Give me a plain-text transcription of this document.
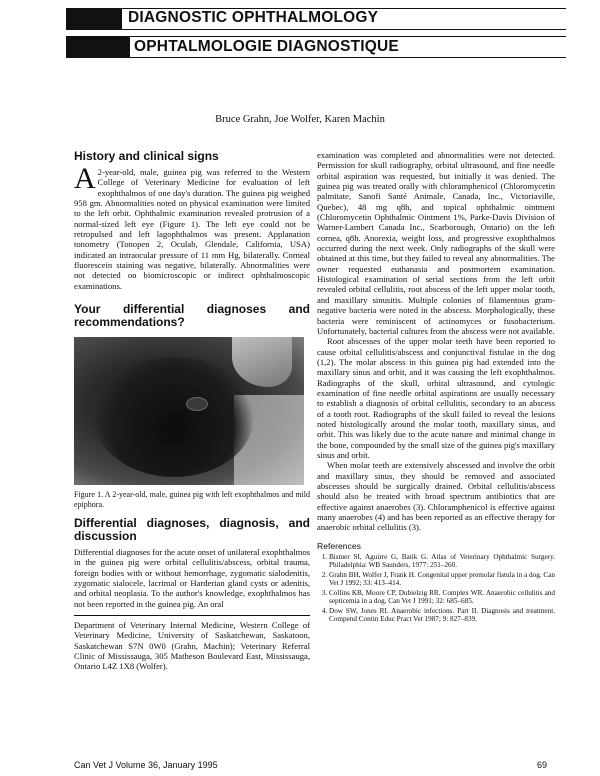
DIAGNOSTIC OPHTHALMOLOGY
OPHTALMOLOGIE DIAGNOSTIQUE
Bruce Grahn, Joe Wolfer, Karen Machin
History and clinical signs

A 2-year-old, male, guinea pig was referred to the Western College of Veterinary Medicine for evaluation of left exophthalmos of one day's duration. The guinea pig weighed 958 gm. Abnormalities noted on physical examination were limited to the left orbit. Ophthalmic examination revealed protrusion of a normal-sized left eye (Figure 1). The left eye could not be retropulsed and left lagophthalmos was present. Applanation tonometry (Tonopen 2, Oculab, Glendale, California, USA) indicated an intraocular pressure of 11 mm Hg, bilaterally. Corneal fluorescein staining was negative, bilaterally. Abnormalities were not detected on biomicroscopic or indirect ophthalmoscopic examinations.

Your differential diagnoses and recommendations?
Figure 1. A 2-year-old, male, guinea pig with left exophthalmos and mild epiphora.
Differential diagnoses, diagnosis, and discussion

Differential diagnoses for the acute onset of unilateral exophthalmos in the guinea pig were orbital cellulitis/abscess, orbital trauma, foreign bodies with or without hemorrhage, zygomatic sialodenitis, zygomatic sialocele, lacrimal or Harderian gland cysts or adenitis, and orbital neoplasia. To the author's knowledge, exophthalmos has not been reported in the guinea pig. An oral

Department of Veterinary Internal Medicine, Western College of Veterinary Medicine, University of Saskatchewan, Saskatoon, Saskatchewan S7N 0W0 (Grahn, Machin); Veterinary Referral Clinic of Mississauga, 305 Matheson Boulevard East, Mississauga, Ontario L4Z 1X8 (Wolfer).

examination was completed and abnormalities were not detected. Permission for skull radiography, orbital ultrasound, and fine needle orbital aspiration was requested, but initially it was denied. The guinea pig was treated orally with chloramphenicol (Chloromycetin palmitate, Sanofi Santé Animale, Canada, Inc., Victoriaville, Quebec), 48 mg q8h, and topical ophthalmic ointment (Chloromycetin Ophthalmic Ointment 1%, Parke-Davis Division of Warner-Lambert Canada Inc., Scarborough, Ontario) on the left cornea, q8h. Anorexia, weight loss, and progressive exophthalmos occurred during the next week. Only radiographs of the skull were obtained at this time, but they failed to reveal any abnormalities. The owner requested euthanasia and postmortem examination. Histological examination of serial sections from the left orbit revealed orbital cellulitis, root abscess of the left upper molar tooth, and maxillary sinusitis. Multiple colonies of filamentous gram-negative bacteria were noted in the abscess. Morphologically, these bacteria were reminiscent of actinomyces or fusobacterium. Unfortunately, bacterial cultures from the abscess were not available.

Root abscesses of the upper molar teeth have been reported to cause orbital cellulitis/abscess and conjunctival fistulae in the dog (1,2). The molar abscess in this guinea pig had extended into the maxillary sinus and orbit, and it was causing the left exophthalmos. Radiographs of the skull, orbital ultrasound, and cytologic examination of fine needle orbital aspirations are usually necessary to establish a diagnosis of orbital cellulitis, secondary to an abscess of a tooth root. Radiographs of the skull failed to reveal the lesions noted histologically around the molar tooth, maxillary sinus, and orbit. This was likely due to the acute nature and minimal change in the bone, compounded by the small size of the guinea pig's maxillary sinus and orbit.

When molar teeth are extensively abscessed and involve the orbit and maxillary sinus, they should be removed and associated abscesses should be surgically drained. Orbital cellulitis/abscess should also be treated with broad spectrum antibiotics that are effective against anaerobes (3). Chloramphenicol is effective against many anaerobes (4) and has been reported as an effective therapy for anaerobic orbital cellulitis (3).

References
1. Bistner SI, Aguirre G, Batik G. Atlas of Veterinary Ophthalmic Surgery. Philadelphia: WB Saunders, 1977: 251–260.
2. Grahn BH, Wolfer J, Frank H. Congenital upper premolar fistula in a dog. Can Vet J 1992; 33: 413–414.
3. Collins KB, Moore CP, Dubielzig RR. Complex WR. Anaerobic cellulitis and septicemia in a dog. Can Vet J 1991; 32: 685–685.
4. Dow SW, Jones RI. Anaerobic infections. Part II. Diagnosis and treatment. Compend Contin Educ Pract Vet 1987; 9: 827–839.
Can Vet J Volume 36, January 1995	69
